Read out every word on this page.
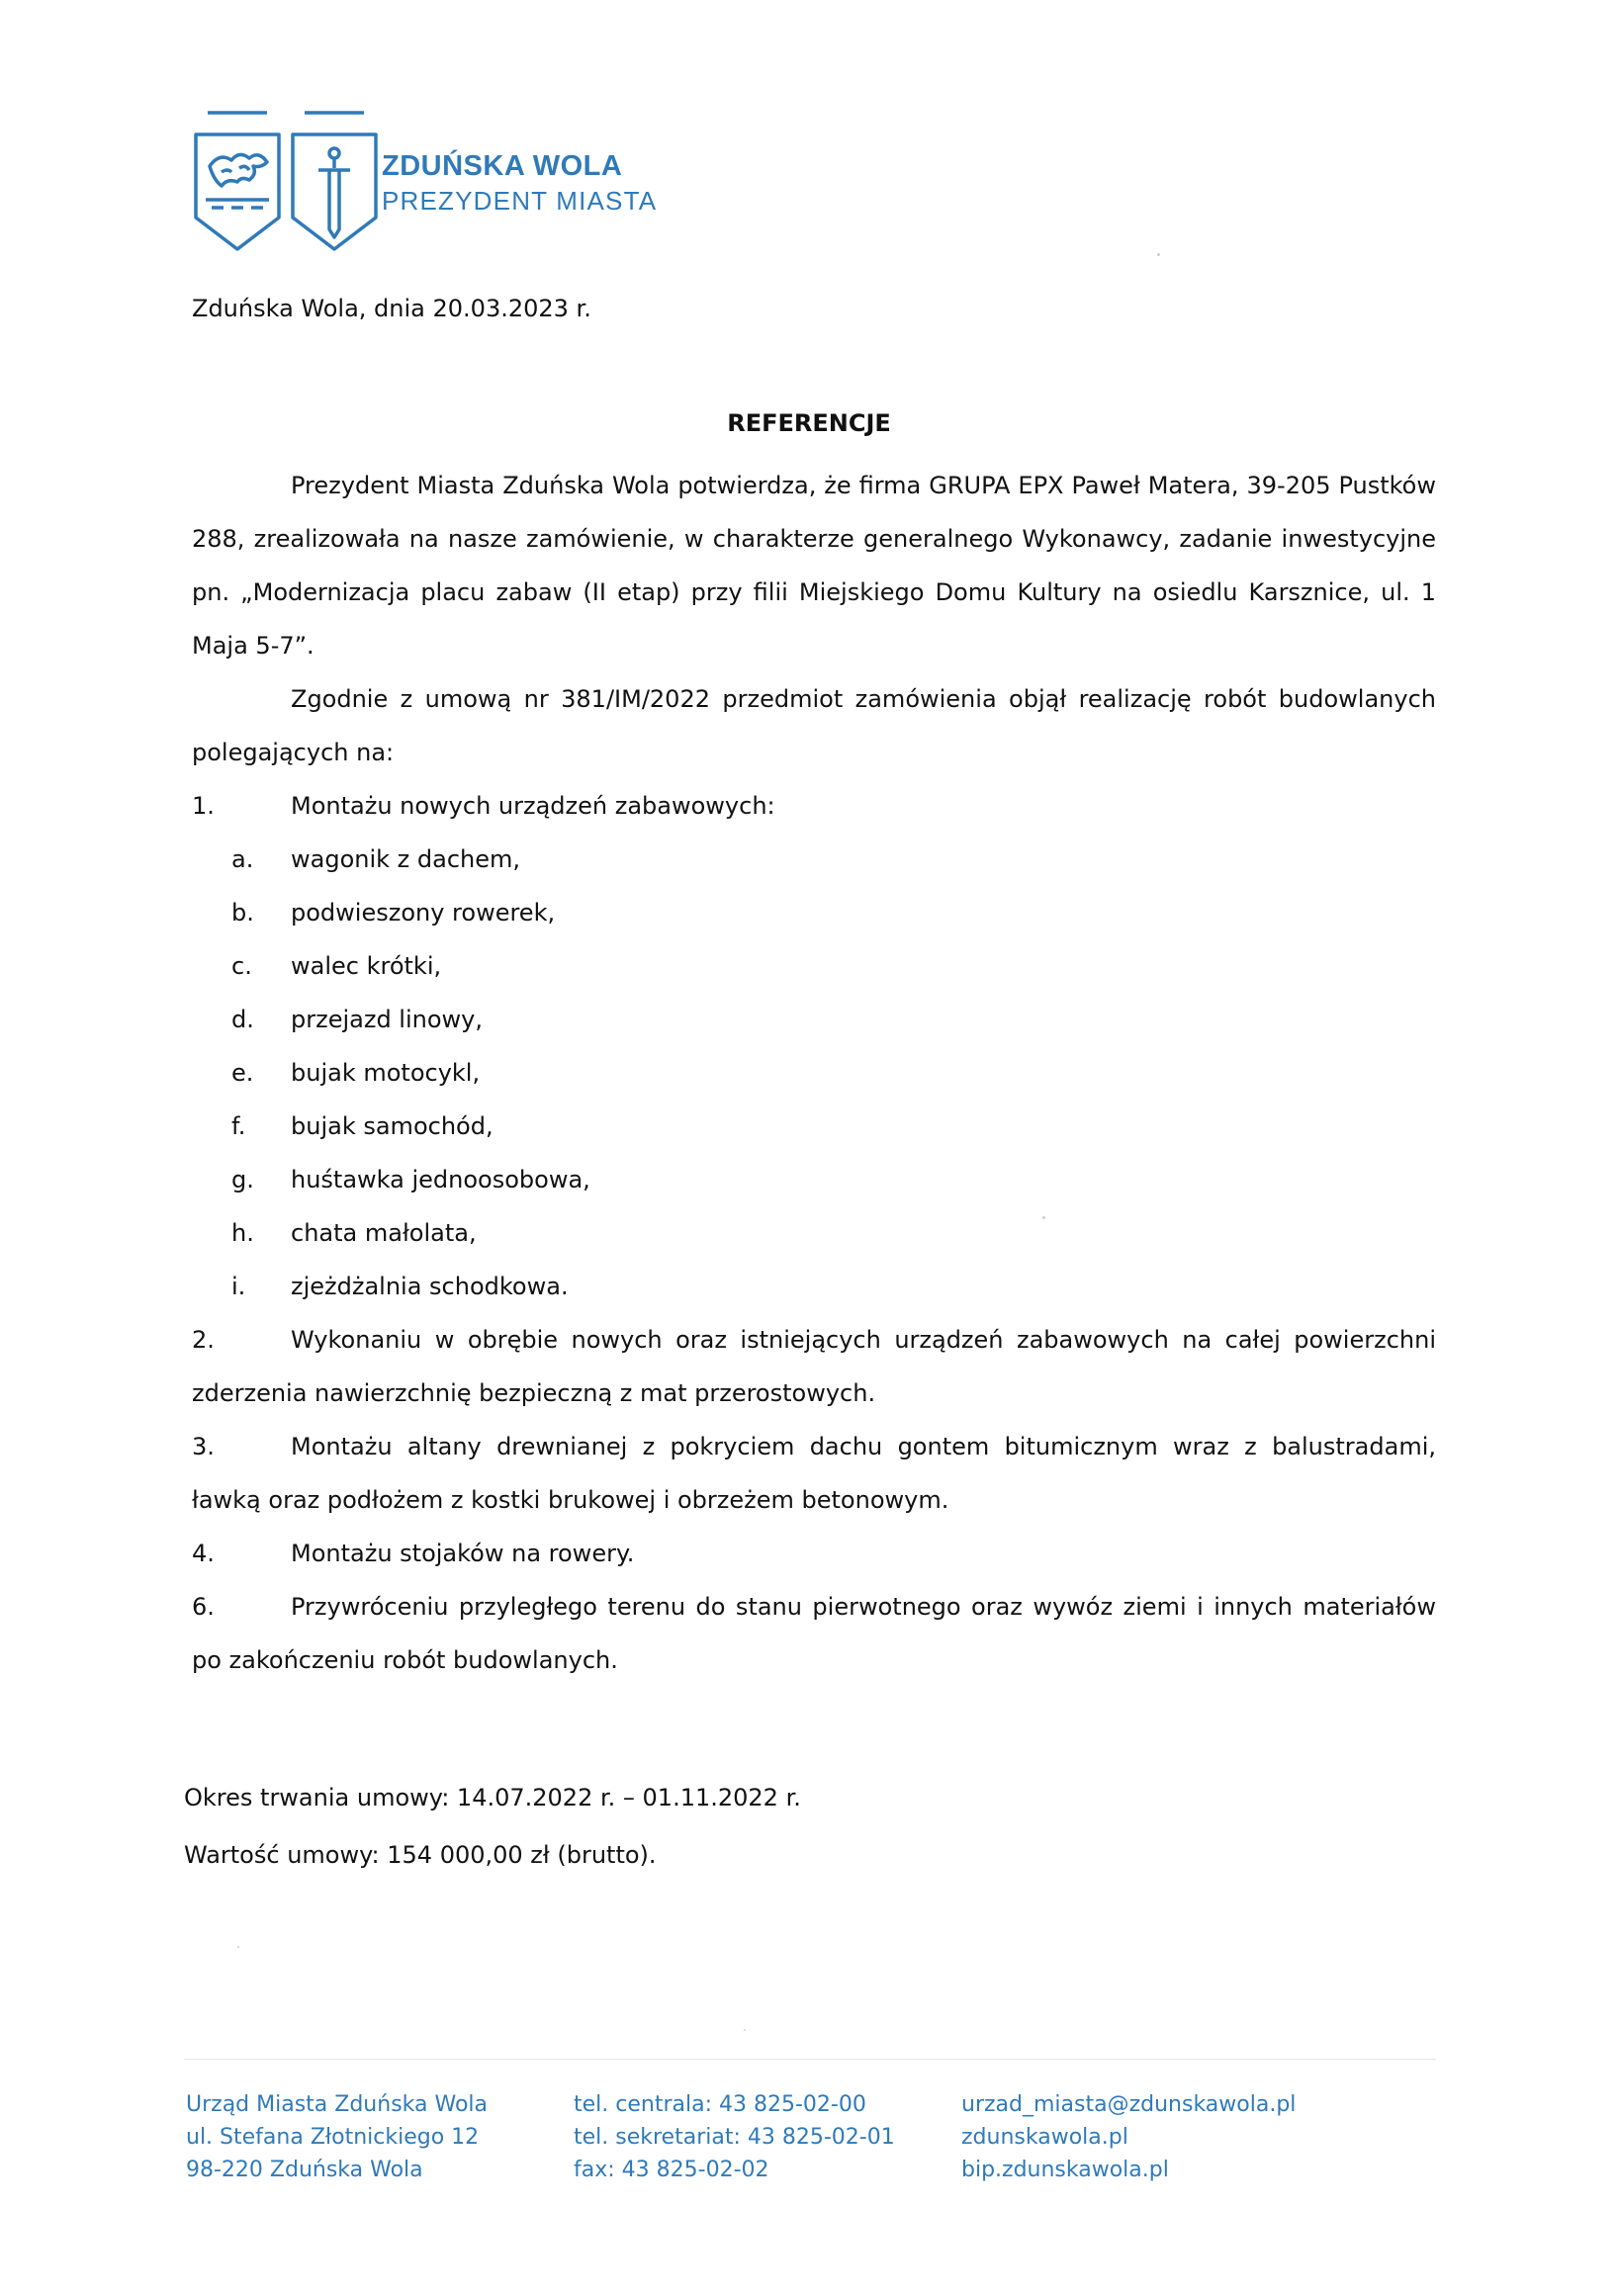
ZDUŃSKA WOLA
PREZYDENT MIASTA
Zduńska Wola, dnia 20.03.2023 r.
REFERENCJE

Prezydent Miasta Zduńska Wola potwierdza, że firma GRUPA EPX Paweł Matera, 39-205 Pustków 288, zrealizowała na nasze zamówienie, w charakterze generalnego Wykonawcy, zadanie inwestycyjne pn. „Modernizacja placu zabaw (II etap) przy filii Miejskiego Domu Kultury na osiedlu Karsznice, ul. 1 Maja 5-7”.

Zgodnie z umową nr 381/IM/2022 przedmiot zamówienia objął realizację robót budowlanych polegających na:

1.	Montażu nowych urządzeń zabawowych:
a.	wagonik z dachem,
b.	podwieszony rowerek,
c.	walec krótki,
d.	przejazd linowy,
e.	bujak motocykl,
f.	bujak samochód,
g.	huśtawka jednoosobowa,
h.	chata małolata,
i.	zjeżdżalnia schodkowa.

2.	Wykonaniu w obrębie nowych oraz istniejących urządzeń zabawowych na całej powierzchni zderzenia nawierzchnię bezpieczną z mat przerostowych.

3.	Montażu altany drewnianej z pokryciem dachu gontem bitumicznym wraz z balustradami, ławką oraz podłożem z kostki brukowej i obrzeżem betonowym.

4.	Montażu stojaków na rowery.

6.	Przywróceniu przyległego terenu do stanu pierwotnego oraz wywóz ziemi i innych materiałów po zakończeniu robót budowlanych.

Okres trwania umowy: 14.07.2022 r. – 01.11.2022 r.
Wartość umowy: 154 000,00 zł (brutto).
Urząd Miasta Zduńska Wola
ul. Stefana Złotnickiego 12
98-220 Zduńska Wola
tel. centrala: 43 825-02-00
tel. sekretariat: 43 825-02-01
fax: 43 825-02-02
urzad_miasta@zdunskawola.pl
zdunskawola.pl
bip.zdunskawola.pl
